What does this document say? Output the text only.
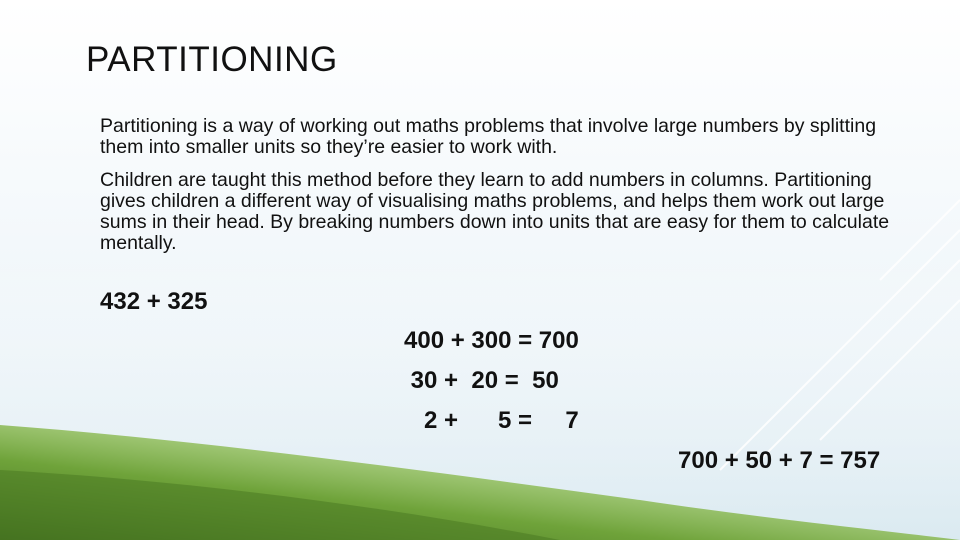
PARTITIONING
Partitioning is a way of working out maths problems that involve large numbers by splitting them into smaller units so they’re easier to work with.
Children are taught this method before they learn to add numbers in columns. Partitioning gives children a different way of visualising maths problems, and helps them work out large sums in their head. By breaking numbers down into units that are easy for them to calculate mentally.
432 + 325
400 + 300 = 700
30 +  20 =  50
2 +      5 =     7
700 + 50 + 7 = 757
